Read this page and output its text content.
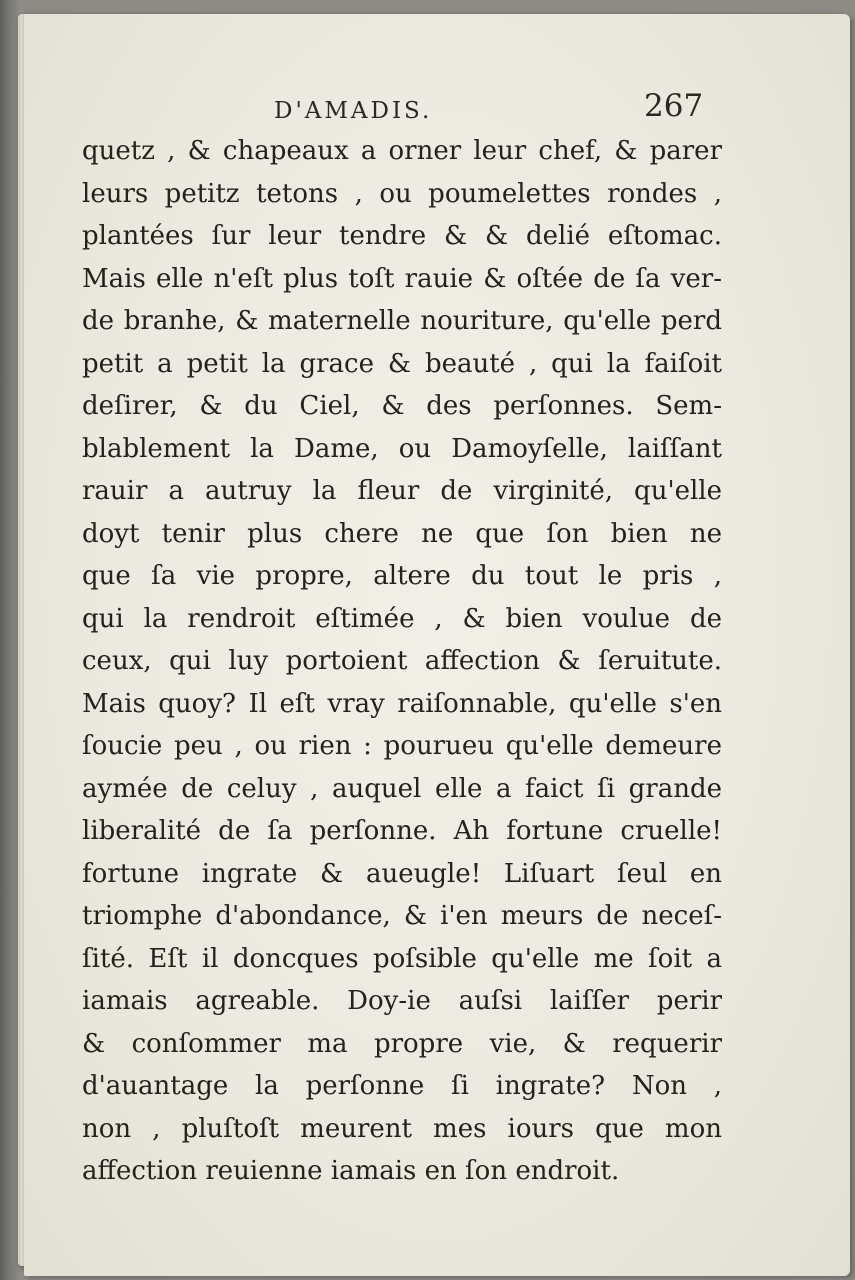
D'AMADIS.	267
quetz , & chapeaux a orner leur chef, & parer
leurs petitz tetons , ou poumelettes rondes ,
plantées ſur leur tendre & & delié eſtomac.
Mais elle n'eſt plus toſt rauie & oſtée de ſa ver-
de branhe, & maternelle nouriture, qu'elle perd
petit a petit la grace & beauté , qui la faiſoit
deſirer, & du Ciel, & des perſonnes. Sem-
blablement la Dame, ou Damoyſelle, laiſſant
rauir a autruy la fleur de virginité, qu'elle
doyt tenir plus chere ne que ſon bien ne
que ſa vie propre, altere du tout le pris ,
qui la rendroit eſtimée , & bien voulue de
ceux, qui luy portoient affection & ſeruitute.
Mais quoy? Il eſt vray raiſonnable, qu'elle s'en
ſoucie peu , ou rien : pourueu qu'elle demeure
aymée de celuy , auquel elle a faict ſi grande
liberalité de ſa perſonne. Ah fortune cruelle!
fortune ingrate & aueugle! Liſuart ſeul en
triomphe d'abondance, & i'en meurs de neceſ-
ſité. Eſt il doncques poſsible qu'elle me ſoit a
iamais agreable. Doy-ie auſsi laiſſer perir
& conſommer ma propre vie, & requerir
d'auantage la perſonne ſi ingrate? Non ,
non , pluſtoſt meurent mes iours que mon
affection reuienne iamais en ſon endroit.
